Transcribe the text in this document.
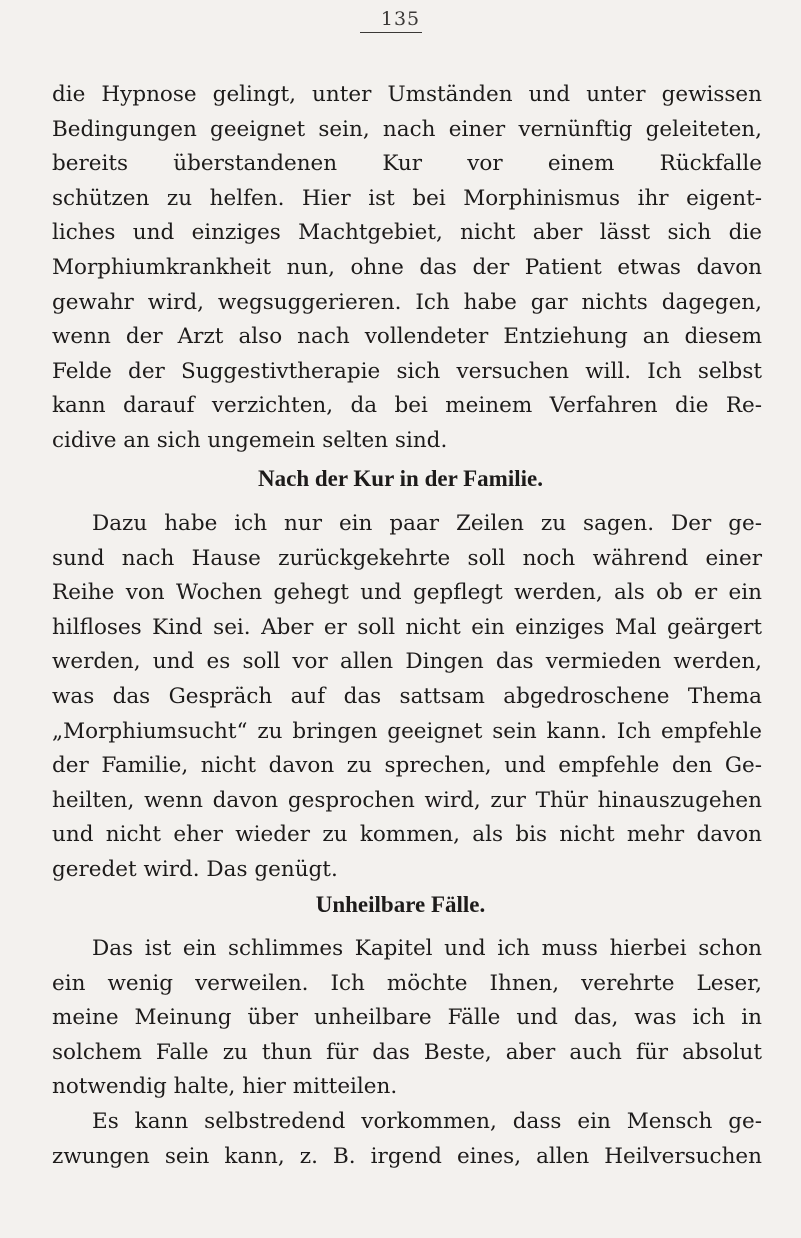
135
die Hypnose gelingt, unter Umständen und unter gewissen
Bedingungen geeignet sein, nach einer vernünftig geleiteten,
bereits überstandenen Kur vor einem Rückfalle
schützen zu helfen. Hier ist bei Morphinismus ihr eigent-
liches und einziges Machtgebiet, nicht aber lässt sich die
Morphiumkrankheit nun, ohne das der Patient etwas davon
gewahr wird, wegsuggerieren. Ich habe gar nichts dagegen,
wenn der Arzt also nach vollendeter Entziehung an diesem
Felde der Suggestivtherapie sich versuchen will. Ich selbst
kann darauf verzichten, da bei meinem Verfahren die Re-
cidive an sich ungemein selten sind.
Nach der Kur in der Familie.
Dazu habe ich nur ein paar Zeilen zu sagen. Der ge-
sund nach Hause zurückgekehrte soll noch während einer
Reihe von Wochen gehegt und gepflegt werden, als ob er ein
hilfloses Kind sei. Aber er soll nicht ein einziges Mal geärgert
werden, und es soll vor allen Dingen das vermieden werden,
was das Gespräch auf das sattsam abgedroschene Thema
„Morphiumsucht“ zu bringen geeignet sein kann. Ich empfehle
der Familie, nicht davon zu sprechen, und empfehle den Ge-
heilten, wenn davon gesprochen wird, zur Thür hinauszugehen
und nicht eher wieder zu kommen, als bis nicht mehr davon
geredet wird. Das genügt.
Unheilbare Fälle.
Das ist ein schlimmes Kapitel und ich muss hierbei schon
ein wenig verweilen. Ich möchte Ihnen, verehrte Leser,
meine Meinung über unheilbare Fälle und das, was ich in
solchem Falle zu thun für das Beste, aber auch für absolut
notwendig halte, hier mitteilen.
Es kann selbstredend vorkommen, dass ein Mensch ge-
zwungen sein kann, z. B. irgend eines, allen Heilversuchen
